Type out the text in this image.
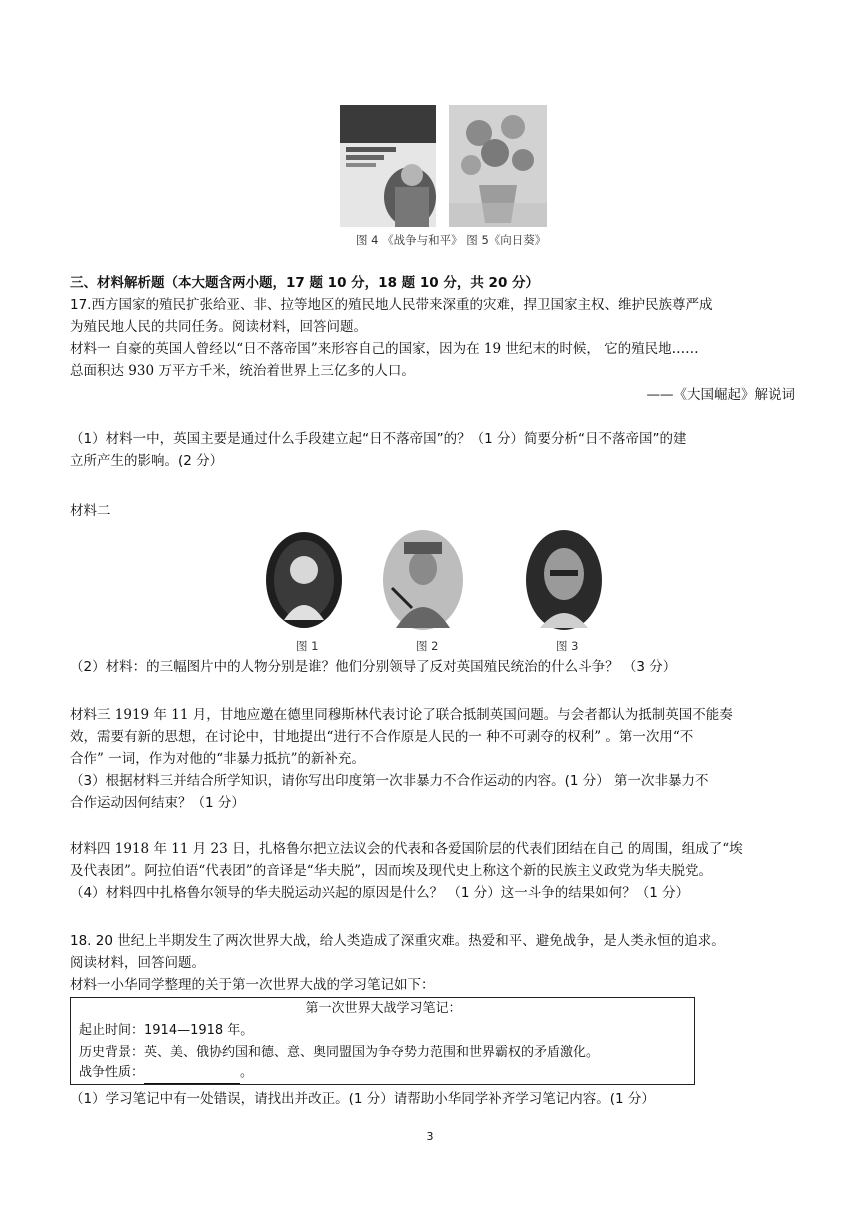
图 4 《战争与和平》 图 5《向日葵》
三、材料解析题（本大题含两小题，17 题 10 分，18 题 10 分，共 20 分）
17.西方国家的殖民扩张给亚、非、拉等地区的殖民地人民带来深重的灾难，捍卫国家主权、维护民族尊严成
为殖民地人民的共同任务。阅读材料，回答问题。
材料一 自豪的英国人曾经以“日不落帝国”来形容自己的国家，因为在 19 世纪末的时候， 它的殖民地……
总面积达 930 万平方千米，统治着世界上三亿多的人口。
——《大国崛起》解说词
（1）材料一中，英国主要是通过什么手段建立起“日不落帝国”的？（1 分）简要分析“日不落帝国”的建
立所产生的影响。(2 分）
材料二
图 1	图 2	图 3
（2）材料：的三幅图片中的人物分别是谁？他们分别领导了反对英国殖民统治的什么斗争？ （3 分）
材料三 1919 年 11 月，甘地应邀在德里同穆斯林代表讨论了联合抵制英国问题。与会者都认为抵制英国不能奏
效，需要有新的思想，在讨论中，甘地提出“进行不合作原是人民的一 种不可剥夺的权利” 。第一次用“不
合作” 一词，作为对他的“非暴力抵抗”的新补充。
（3）根据材料三并结合所学知识，请你写出印度第一次非暴力不合作运动的内容。(1 分） 第一次非暴力不
合作运动因何结束？（1 分）
材料四 1918 年 11 月 23 日，扎格鲁尔把立法议会的代表和各爱国阶层的代表们团结在自己 的周围，组成了“埃
及代表团”。阿拉伯语“代表团”的音译是“华夫脱”，因而埃及现代史上称这个新的民族主义政党为华夫脱党。
（4）材料四中扎格鲁尔领导的华夫脱运动兴起的原因是什么？ （1 分）这一斗争的结果如何？（1 分）
18. 20 世纪上半期发生了两次世界大战，给人类造成了深重灾难。热爱和平、避免战争，是人类永恒的追求。
阅读材料，回答问题。
材料一小华同学整理的关于第一次世界大战的学习笔记如下：
第一次世界大战学习笔记：
起止时间：1914—1918 年。
历史背景：英、美、俄协约国和德、意、奥同盟国为争夺势力范围和世界霸权的矛盾激化。
战争性质：	。
（1）学习笔记中有一处错误，请找出并改正。(1 分）请帮助小华同学补齐学习笔记内容。(1 分）
3
